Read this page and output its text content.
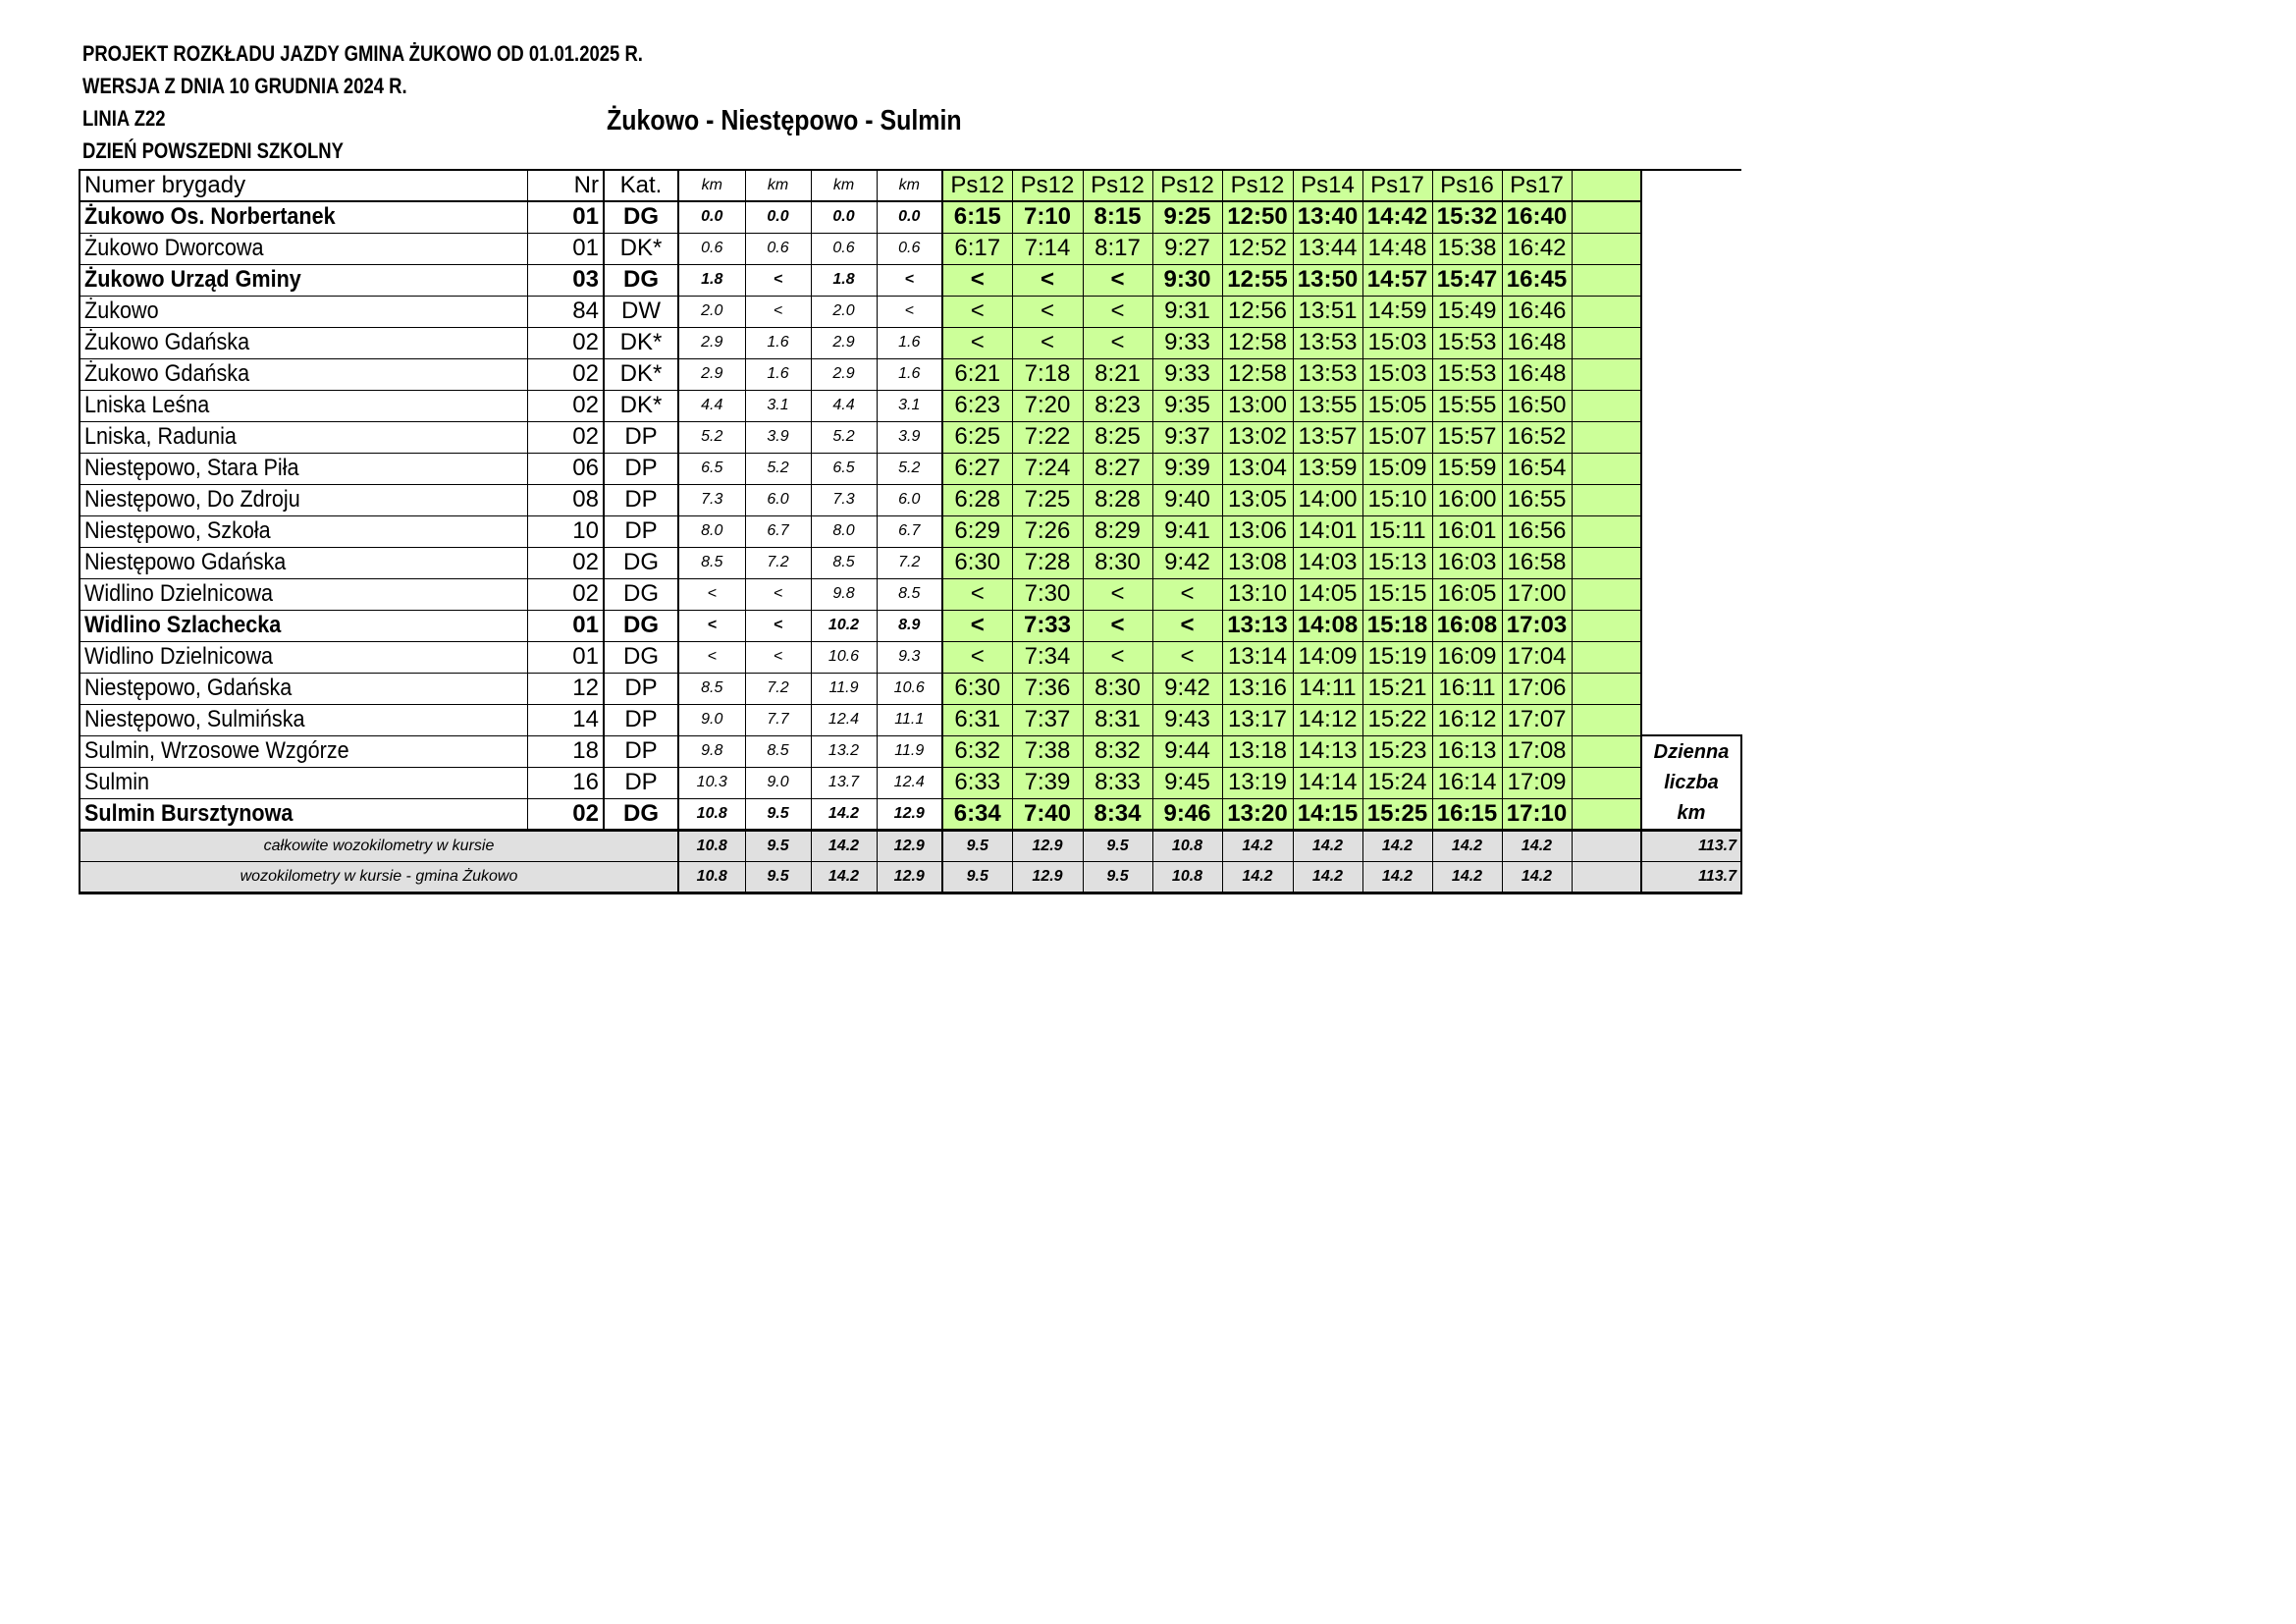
PROJEKT ROZKŁADU JAZDY GMINA ŻUKOWO OD 01.01.2025 R.
WERSJA Z DNIA 10 GRUDNIA 2024 R.
LINIA Z22
DZIEŃ POWSZEDNI SZKOLNY
Żukowo - Niestępowo - Sulmin
Numer brygady	Nr	Kat.	km	km	km	km	Ps12	Ps12	Ps12	Ps12	Ps12	Ps14	Ps17	Ps16	Ps17		
Żukowo Os. Norbertanek	01	DG	0.0	0.0	0.0	0.0	6:15	7:10	8:15	9:25	12:50	13:40	14:42	15:32	16:40		
Żukowo Dworcowa	01	DK*	0.6	0.6	0.6	0.6	6:17	7:14	8:17	9:27	12:52	13:44	14:48	15:38	16:42		
Żukowo Urząd Gminy	03	DG	1.8	<	1.8	<	<	<	<	9:30	12:55	13:50	14:57	15:47	16:45		
Żukowo	84	DW	2.0	<	2.0	<	<	<	<	9:31	12:56	13:51	14:59	15:49	16:46		
Żukowo Gdańska	02	DK*	2.9	1.6	2.9	1.6	<	<	<	9:33	12:58	13:53	15:03	15:53	16:48		
Żukowo Gdańska	02	DK*	2.9	1.6	2.9	1.6	6:21	7:18	8:21	9:33	12:58	13:53	15:03	15:53	16:48		
Lniska Leśna	02	DK*	4.4	3.1	4.4	3.1	6:23	7:20	8:23	9:35	13:00	13:55	15:05	15:55	16:50		
Lniska, Radunia	02	DP	5.2	3.9	5.2	3.9	6:25	7:22	8:25	9:37	13:02	13:57	15:07	15:57	16:52		
Niestępowo, Stara Piła	06	DP	6.5	5.2	6.5	5.2	6:27	7:24	8:27	9:39	13:04	13:59	15:09	15:59	16:54		
Niestępowo, Do Zdroju	08	DP	7.3	6.0	7.3	6.0	6:28	7:25	8:28	9:40	13:05	14:00	15:10	16:00	16:55		
Niestępowo, Szkoła	10	DP	8.0	6.7	8.0	6.7	6:29	7:26	8:29	9:41	13:06	14:01	15:11	16:01	16:56		
Niestępowo Gdańska	02	DG	8.5	7.2	8.5	7.2	6:30	7:28	8:30	9:42	13:08	14:03	15:13	16:03	16:58		
Widlino Dzielnicowa	02	DG	<	<	9.8	8.5	<	7:30	<	<	13:10	14:05	15:15	16:05	17:00		
Widlino Szlachecka	01	DG	<	<	10.2	8.9	<	7:33	<	<	13:13	14:08	15:18	16:08	17:03		
Widlino Dzielnicowa	01	DG	<	<	10.6	9.3	<	7:34	<	<	13:14	14:09	15:19	16:09	17:04		
Niestępowo, Gdańska	12	DP	8.5	7.2	11.9	10.6	6:30	7:36	8:30	9:42	13:16	14:11	15:21	16:11	17:06		
Niestępowo, Sulmińska	14	DP	9.0	7.7	12.4	11.1	6:31	7:37	8:31	9:43	13:17	14:12	15:22	16:12	17:07		
Sulmin, Wrzosowe Wzgórze	18	DP	9.8	8.5	13.2	11.9	6:32	7:38	8:32	9:44	13:18	14:13	15:23	16:13	17:08		Dzienna
Sulmin	16	DP	10.3	9.0	13.7	12.4	6:33	7:39	8:33	9:45	13:19	14:14	15:24	16:14	17:09		liczba
Sulmin Bursztynowa	02	DG	10.8	9.5	14.2	12.9	6:34	7:40	8:34	9:46	13:20	14:15	15:25	16:15	17:10		km
całkowite wozokilometry w kursie			10.8	9.5	14.2	12.9	9.5	12.9	9.5	10.8	14.2	14.2	14.2	14.2	14.2		113.7
wozokilometry w kursie - gmina Żukowo			10.8	9.5	14.2	12.9	9.5	12.9	9.5	10.8	14.2	14.2	14.2	14.2	14.2		113.7
